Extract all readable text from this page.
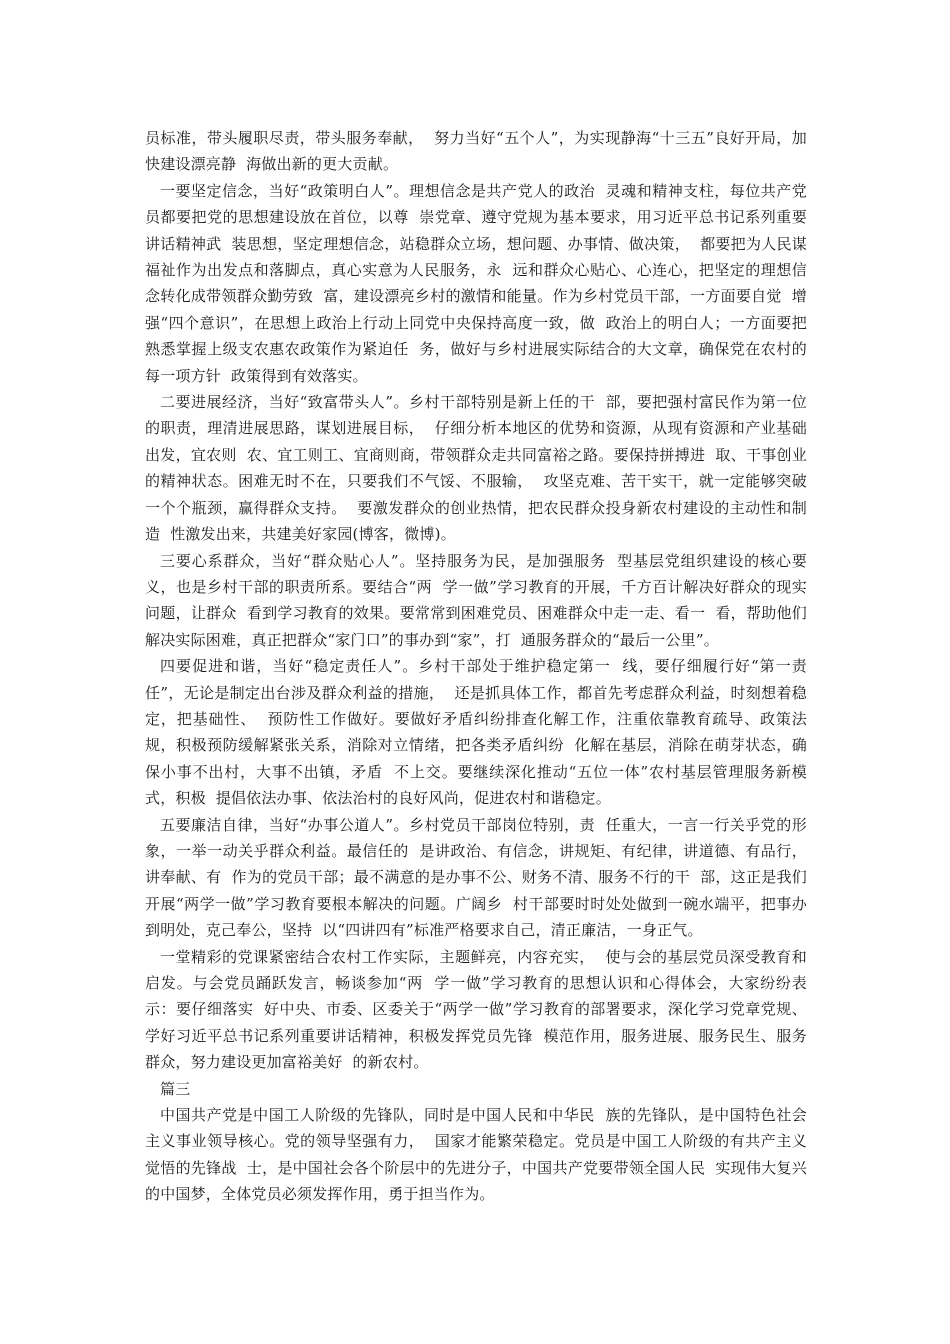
员标准，带头履职尽责，带头服务奉献，  努力当好“五个人”，为实现静海“十三五”良好开局，加快建设漂亮静  海做出新的更大贡献。

一要坚定信念，当好“政策明白人”。理想信念是共产党人的政治  灵魂和精神支柱，每位共产党员都要把党的思想建设放在首位，以尊  崇党章、遵守党规为基本要求，用习近平总书记系列重要讲话精神武  装思想，坚定理想信念，站稳群众立场，想问题、办事情、做决策，  都要把为人民谋福祉作为出发点和落脚点，真心实意为人民服务，永  远和群众心贴心、心连心，把坚定的理想信念转化成带领群众勤劳致  富，建设漂亮乡村的激情和能量。作为乡村党员干部，一方面要自觉  增强“四个意识”，在思想上政治上行动上同党中央保持高度一致，做  政治上的明白人；一方面要把熟悉掌握上级支农惠农政策作为紧迫任  务，做好与乡村进展实际结合的大文章，确保党在农村的每一项方针  政策得到有效落实。

二要进展经济，当好“致富带头人”。乡村干部特别是新上任的干  部，要把强村富民作为第一位的职责，理清进展思路，谋划进展目标，  仔细分析本地区的优势和资源，从现有资源和产业基础出发，宜农则  农、宜工则工、宜商则商，带领群众走共同富裕之路。要保持拼搏进  取、干事创业的精神状态。困难无时不在，只要我们不气馁、不服输，  攻坚克难、苦干实干，就一定能够突破一个个瓶颈，赢得群众支持。  要激发群众的创业热情，把农民群众投身新农村建设的主动性和制造  性激发出来，共建美好家园(博客，微博)。

三要心系群众，当好“群众贴心人”。坚持服务为民，是加强服务  型基层党组织建设的核心要义，也是乡村干部的职责所系。要结合“两  学一做”学习教育的开展，千方百计解决好群众的现实问题，让群众  看到学习教育的效果。要常常到困难党员、困难群众中走一走、看一  看，帮助他们解决实际困难，真正把群众“家门口”的事办到“家”，打  通服务群众的“最后一公里”。

四要促进和谐，当好“稳定责任人”。乡村干部处于维护稳定第一  线，要仔细履行好“第一责任”，无论是制定出台涉及群众利益的措施，  还是抓具体工作，都首先考虑群众利益，时刻想着稳定，把基础性、  预防性工作做好。要做好矛盾纠纷排查化解工作，注重依靠教育疏导、政策法规，积极预防缓解紧张关系，消除对立情绪，把各类矛盾纠纷  化解在基层，消除在萌芽状态，确保小事不出村，大事不出镇，矛盾  不上交。要继续深化推动“五位一体”农村基层管理服务新模式，积极  提倡依法办事、依法治村的良好风尚，促进农村和谐稳定。

五要廉洁自律，当好“办事公道人”。乡村党员干部岗位特别，责  任重大，一言一行关乎党的形象，一举一动关乎群众利益。最信任的  是讲政治、有信念，讲规矩、有纪律，讲道德、有品行，讲奉献、有  作为的党员干部；最不满意的是办事不公、财务不清、服务不行的干  部，这正是我们开展“两学一做”学习教育要根本解决的问题。广阔乡  村干部要时时处处做到一碗水端平，把事办到明处，克己奉公，坚持  以“四讲四有”标准严格要求自己，清正廉洁，一身正气。

一堂精彩的党课紧密结合农村工作实际，主题鲜亮，内容充实，  使与会的基层党员深受教育和启发。与会党员踊跃发言，畅谈参加“两  学一做”学习教育的思想认识和心得体会，大家纷纷表示：要仔细落实  好中央、市委、区委关于“两学一做”学习教育的部署要求，深化学习党章党规、学好习近平总书记系列重要讲话精神，积极发挥党员先锋  模范作用，服务进展、服务民生、服务群众，努力建设更加富裕美好  的新农村。

篇三

中国共产党是中国工人阶级的先锋队，同时是中国人民和中华民  族的先锋队，是中国特色社会主义事业领导核心。党的领导坚强有力，  国家才能繁荣稳定。党员是中国工人阶级的有共产主义觉悟的先锋战  士，是中国社会各个阶层中的先进分子，中国共产党要带领全国人民  实现伟大复兴的中国梦，全体党员必须发挥作用，勇于担当作为。
